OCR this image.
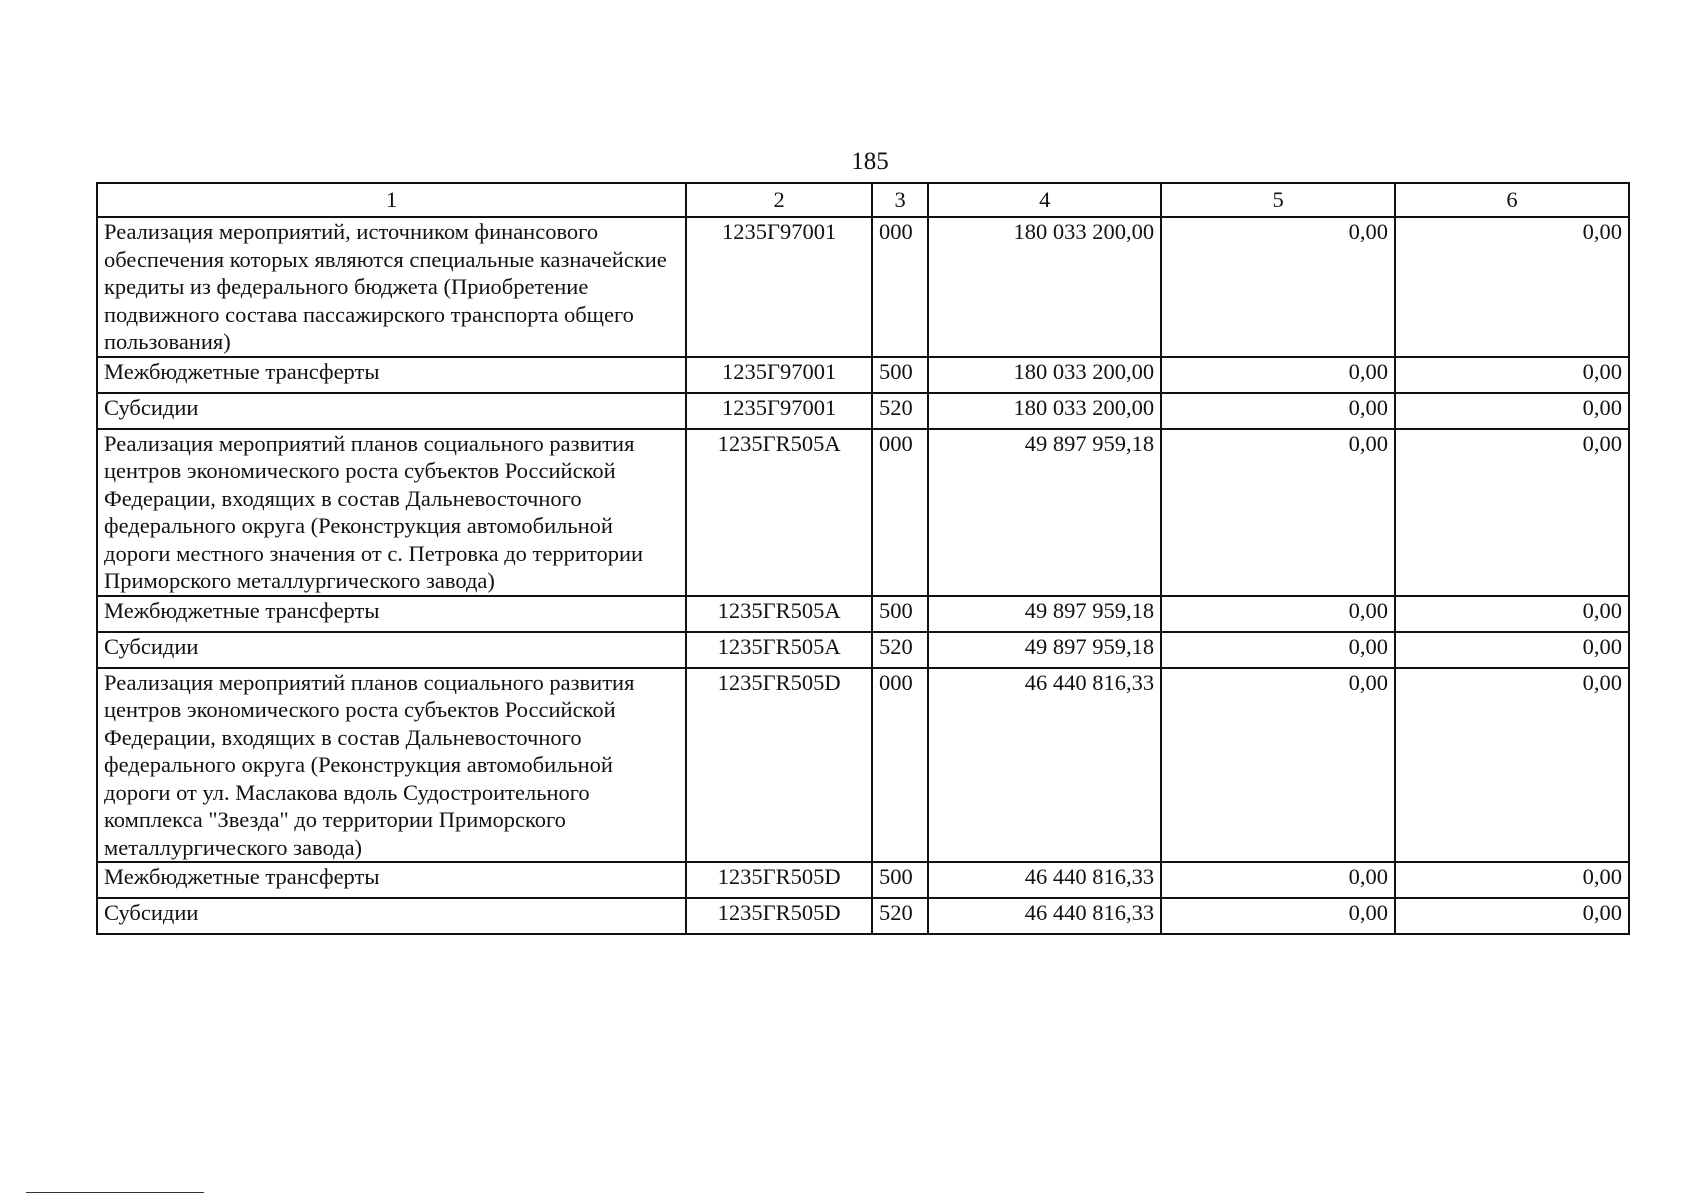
185
1	2	3	4	5	6
Реализация мероприятий, источником финансового обеспечения которых являются специальные казначейские кредиты из федерального бюджета (Приобретение подвижного состава пассажирского транспорта общего пользования)	1235Г97001	000	180 033 200,00	0,00	0,00
Межбюджетные трансферты	1235Г97001	500	180 033 200,00	0,00	0,00
Субсидии	1235Г97001	520	180 033 200,00	0,00	0,00
Реализация мероприятий планов социального развития центров экономического роста субъектов Российской Федерации, входящих в состав Дальневосточного федерального округа (Реконструкция автомобильной дороги местного значения от с. Петровка до территории Приморского металлургического завода)	1235ГR505A	000	49 897 959,18	0,00	0,00
Межбюджетные трансферты	1235ГR505A	500	49 897 959,18	0,00	0,00
Субсидии	1235ГR505A	520	49 897 959,18	0,00	0,00
Реализация мероприятий планов социального развития центров экономического роста субъектов Российской Федерации, входящих в состав Дальневосточного федерального округа (Реконструкция автомобильной дороги от ул. Маслакова вдоль Судостроительного комплекса "Звезда" до территории Приморского металлургического завода)	1235ГR505D	000	46 440 816,33	0,00	0,00
Межбюджетные трансферты	1235ГR505D	500	46 440 816,33	0,00	0,00
Субсидии	1235ГR505D	520	46 440 816,33	0,00	0,00
